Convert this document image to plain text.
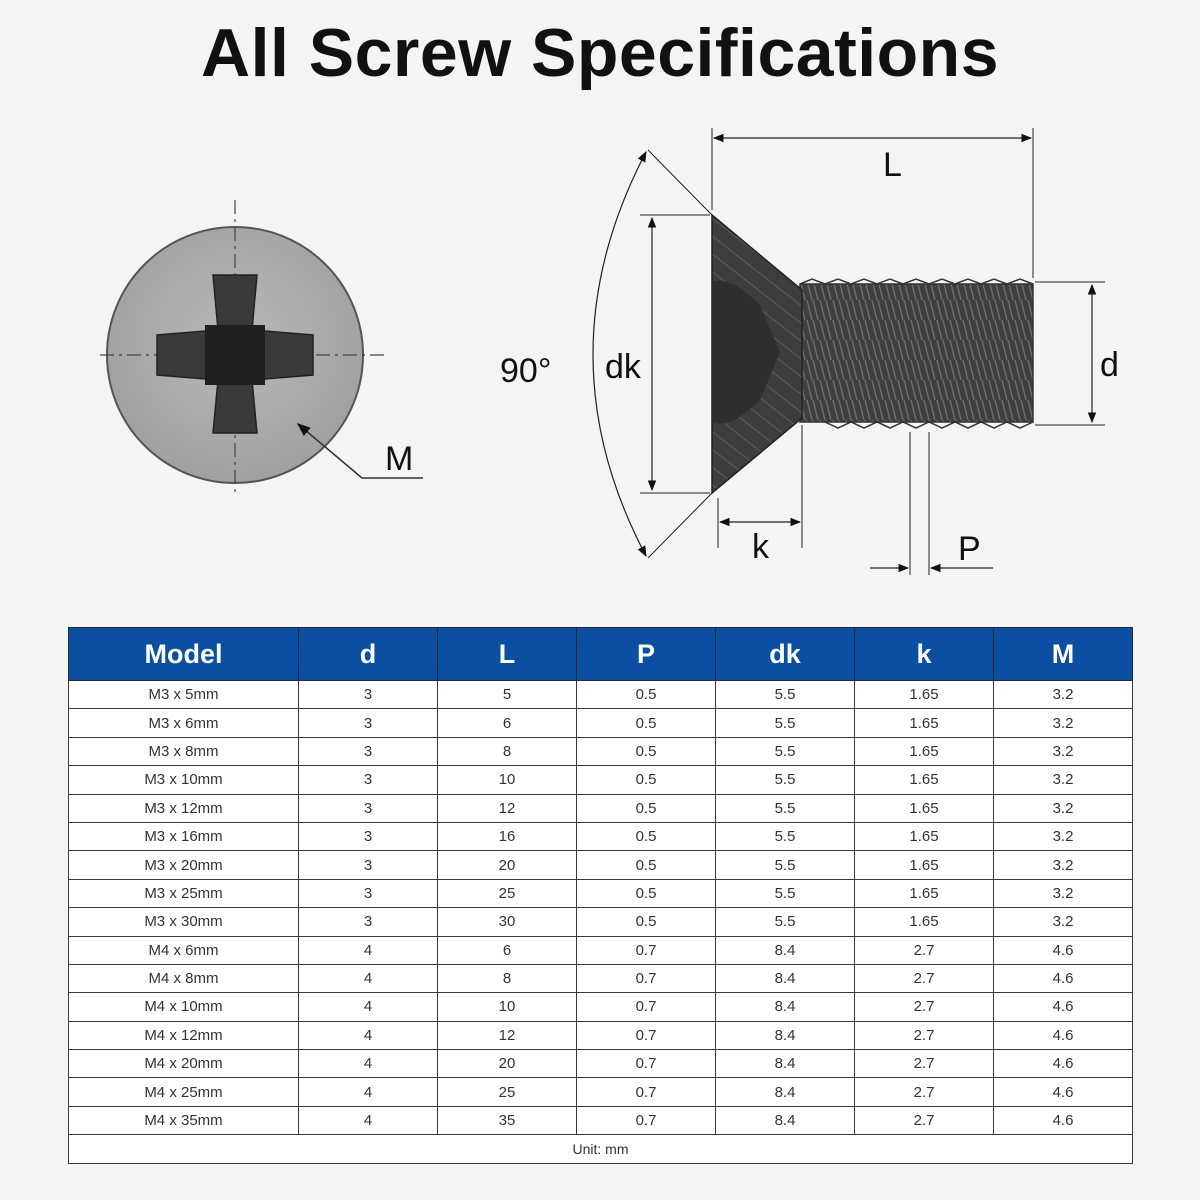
All Screw Specifications
M
L
dk	d
90°
k	P
Model	d	L	P	dk	k	M
M3 x 5mm	3	5	0.5	5.5	1.65	3.2
M3 x 6mm	3	6	0.5	5.5	1.65	3.2
M3 x 8mm	3	8	0.5	5.5	1.65	3.2
M3 x 10mm	3	10	0.5	5.5	1.65	3.2
M3 x 12mm	3	12	0.5	5.5	1.65	3.2
M3 x 16mm	3	16	0.5	5.5	1.65	3.2
M3 x 20mm	3	20	0.5	5.5	1.65	3.2
M3 x 25mm	3	25	0.5	5.5	1.65	3.2
M3 x 30mm	3	30	0.5	5.5	1.65	3.2
M4 x 6mm	4	6	0.7	8.4	2.7	4.6
M4 x 8mm	4	8	0.7	8.4	2.7	4.6
M4 x 10mm	4	10	0.7	8.4	2.7	4.6
M4 x 12mm	4	12	0.7	8.4	2.7	4.6
M4 x 20mm	4	20	0.7	8.4	2.7	4.6
M4 x 25mm	4	25	0.7	8.4	2.7	4.6
M4 x 35mm	4	35	0.7	8.4	2.7	4.6
Unit: mm						
